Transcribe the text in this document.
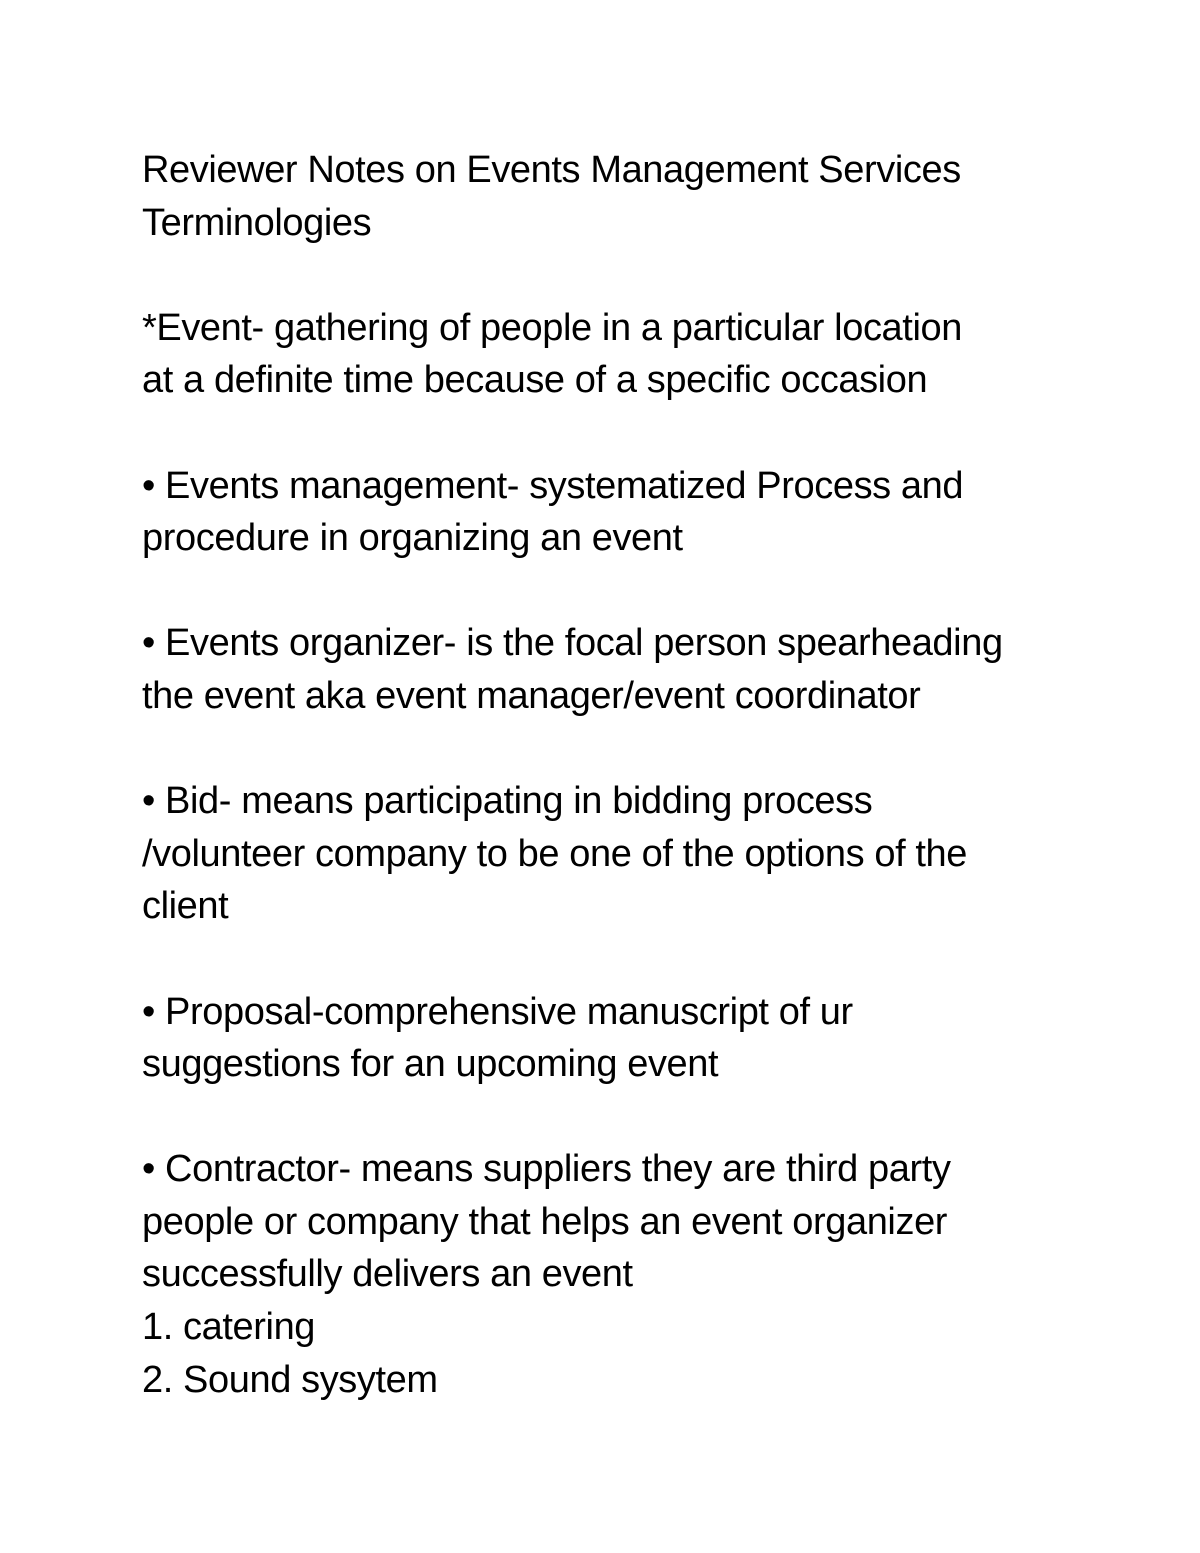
Reviewer Notes on Events Management Services

Terminologies

*Event- gathering of people in a particular location

at a definite time because of a specific occasion

• Events management- systematized Process and

procedure in organizing an event

• Events organizer- is the focal person spearheading

the event aka event manager/event coordinator

• Bid- means participating in bidding process

/volunteer company to be one of the options of the

client

• Proposal-comprehensive manuscript of ur

suggestions for an upcoming event

• Contractor- means suppliers they are third party

people or company that helps an event organizer

successfully delivers an event

1. catering

2. Sound sysytem
